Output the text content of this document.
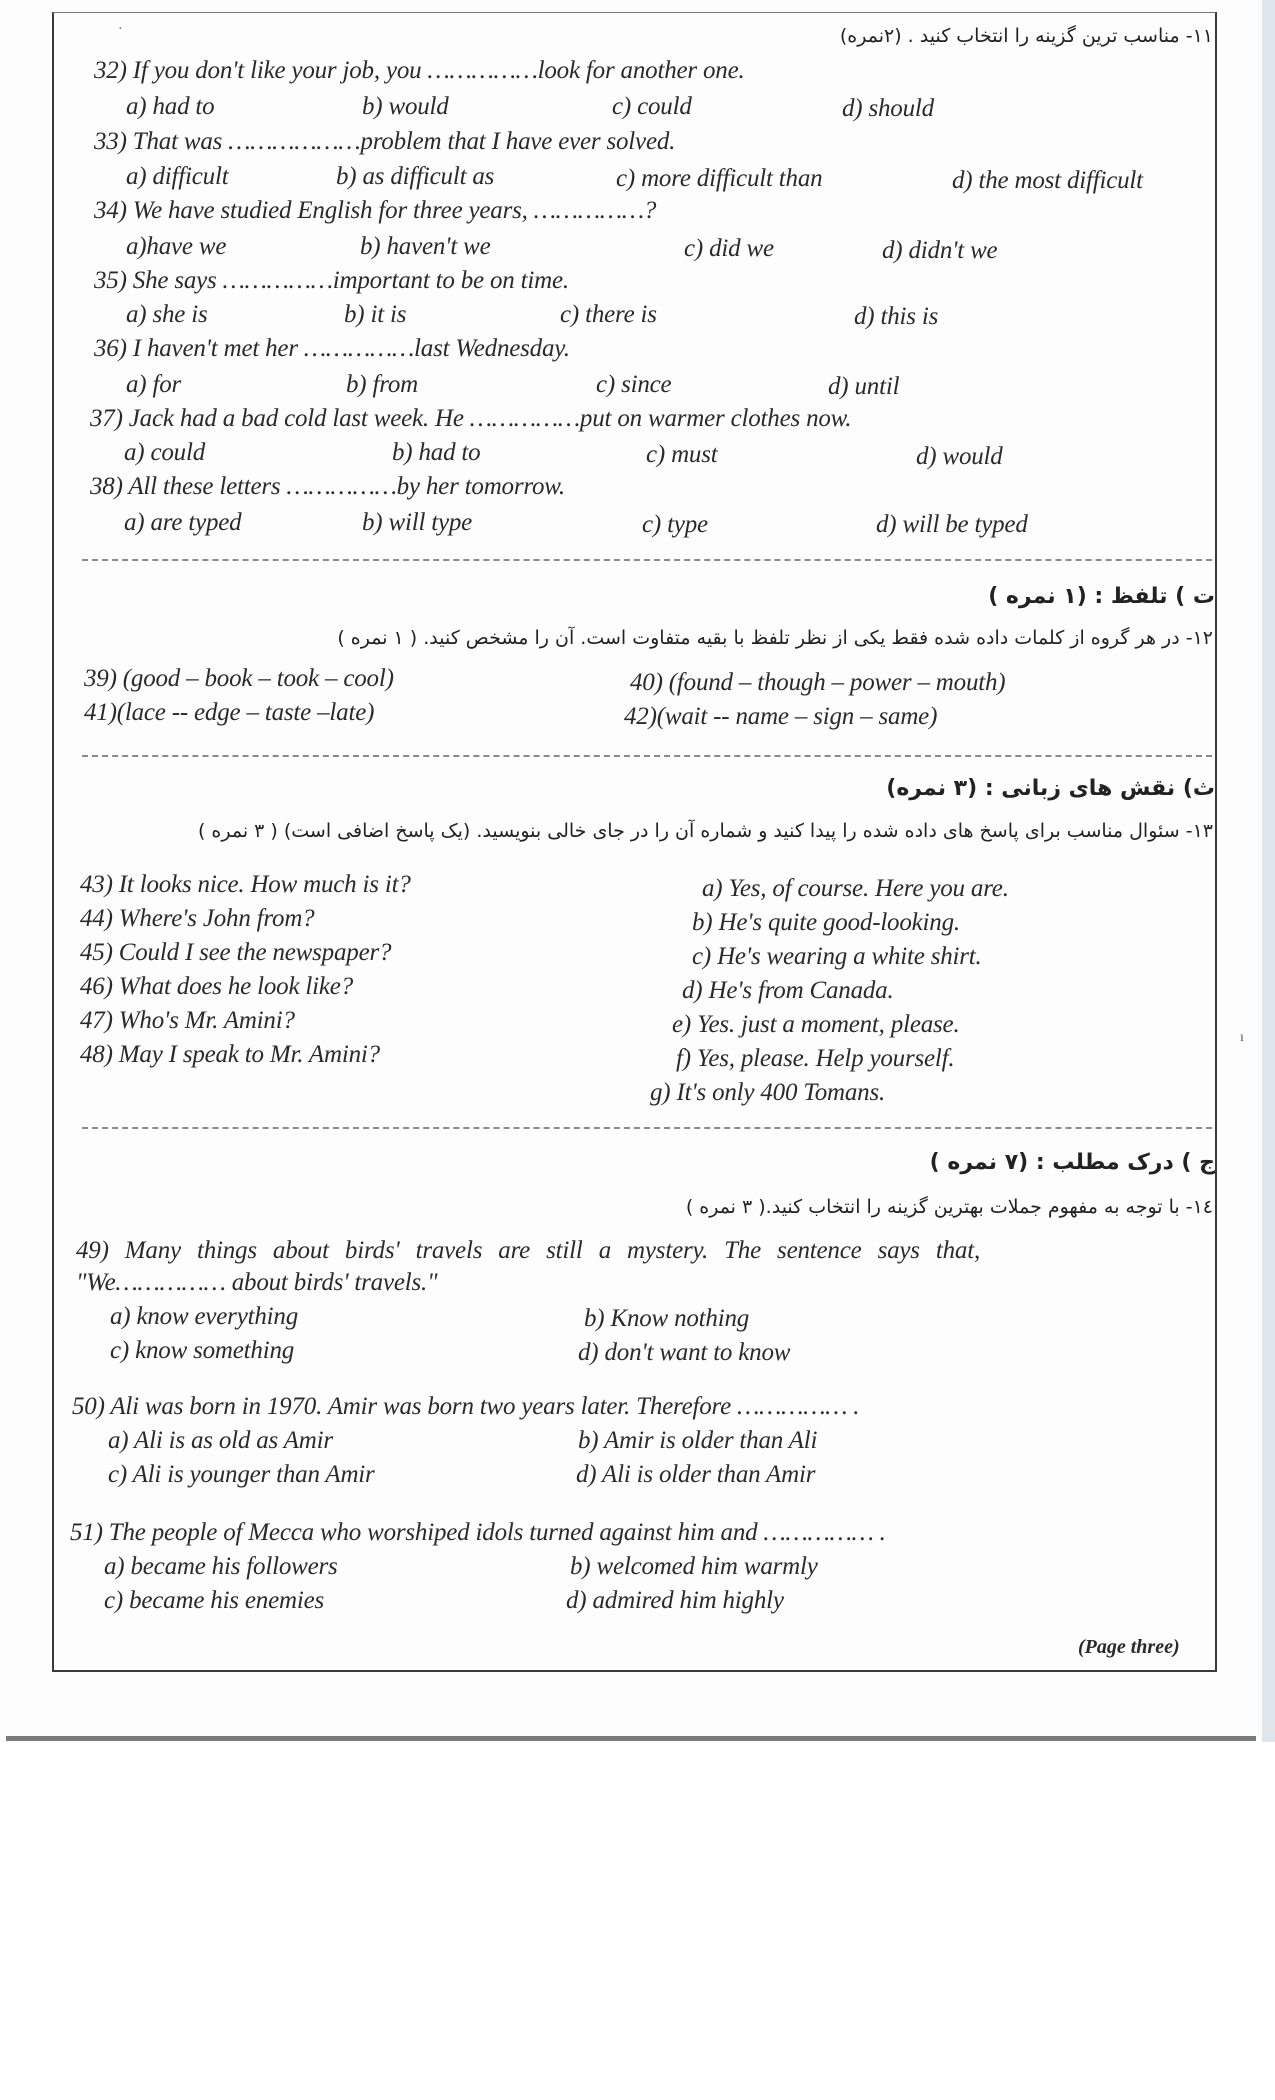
·	۱۱- مناسب ترین گزینه را انتخاب کنید . (۲نمره)
32) If you don't like your job, you ……………look for another one.
a) had to	b) would	c) could	d) should
33) That was ………………problem that I have ever solved.
a) difficult	b) as difficult as	c) more difficult than	d) the most difficult
34) We have studied English for three years, ……………?
a)have we	b) haven't we	c) did we	d) didn't we
35) She says ……………important to be on time.
a) she is	b) it is	c) there is	d) this is
36) I haven't met her ……………last Wednesday.
a) for	b) from	c) since	d) until
37) Jack had a bad cold last week. He ……………put on warmer clothes now.
a) could	b) had to	c) must	d) would
38) All these letters ……………by her tomorrow.
a) are typed	b) will type	c) type	d) will be typed
ت ) تلفظ : (۱ نمره )
۱۲- در هر گروه از کلمات داده شده فقط یکی از نظر تلفظ با بقیه متفاوت است. آن را مشخص کنید. ( ۱ نمره )
39) (good – book – took – cool)	40) (found – though – power – mouth)
41)(lace -- edge – taste –late)	42)(wait -- name – sign – same)
ث) نقش های زبانی : (۳ نمره)
۱۳- سئوال مناسب برای پاسخ های داده شده را پیدا کنید و شماره آن را در جای خالی بنویسید. (یک پاسخ اضافی است) ( ۳ نمره )
43) It looks nice. How much is it?
44) Where's John from?
45) Could I see the newspaper?
46) What does he look like?
47) Who's Mr. Amini?
48) May I speak to Mr. Amini?
a) Yes, of course. Here you are.
b) He's quite good-looking.
c) He's wearing a white shirt.
d) He's from Canada.
e) Yes. just a moment, please.
f) Yes, please. Help yourself.
g) It's only 400 Tomans.
ı
ج ) درک مطلب : (۷ نمره )
۱٤- با توجه به مفهوم جملات بهترین گزینه را انتخاب کنید.( ۳ نمره )
49) Many things about birds' travels are still a mystery. The sentence says that,
"We…………… about birds' travels."
a) know everything	b) Know nothing
c) know something	d) don't want to know
50) Ali was born in 1970. Amir was born two years later. Therefore …………… .
a) Ali is as old as Amir	b) Amir is older than Ali
c) Ali is younger than Amir	d) Ali is older than Amir
51) The people of Mecca who worshiped idols turned against him and …………… .
a) became his followers	b) welcomed him warmly
c) became his enemies	d) admired him highly
(Page three)
